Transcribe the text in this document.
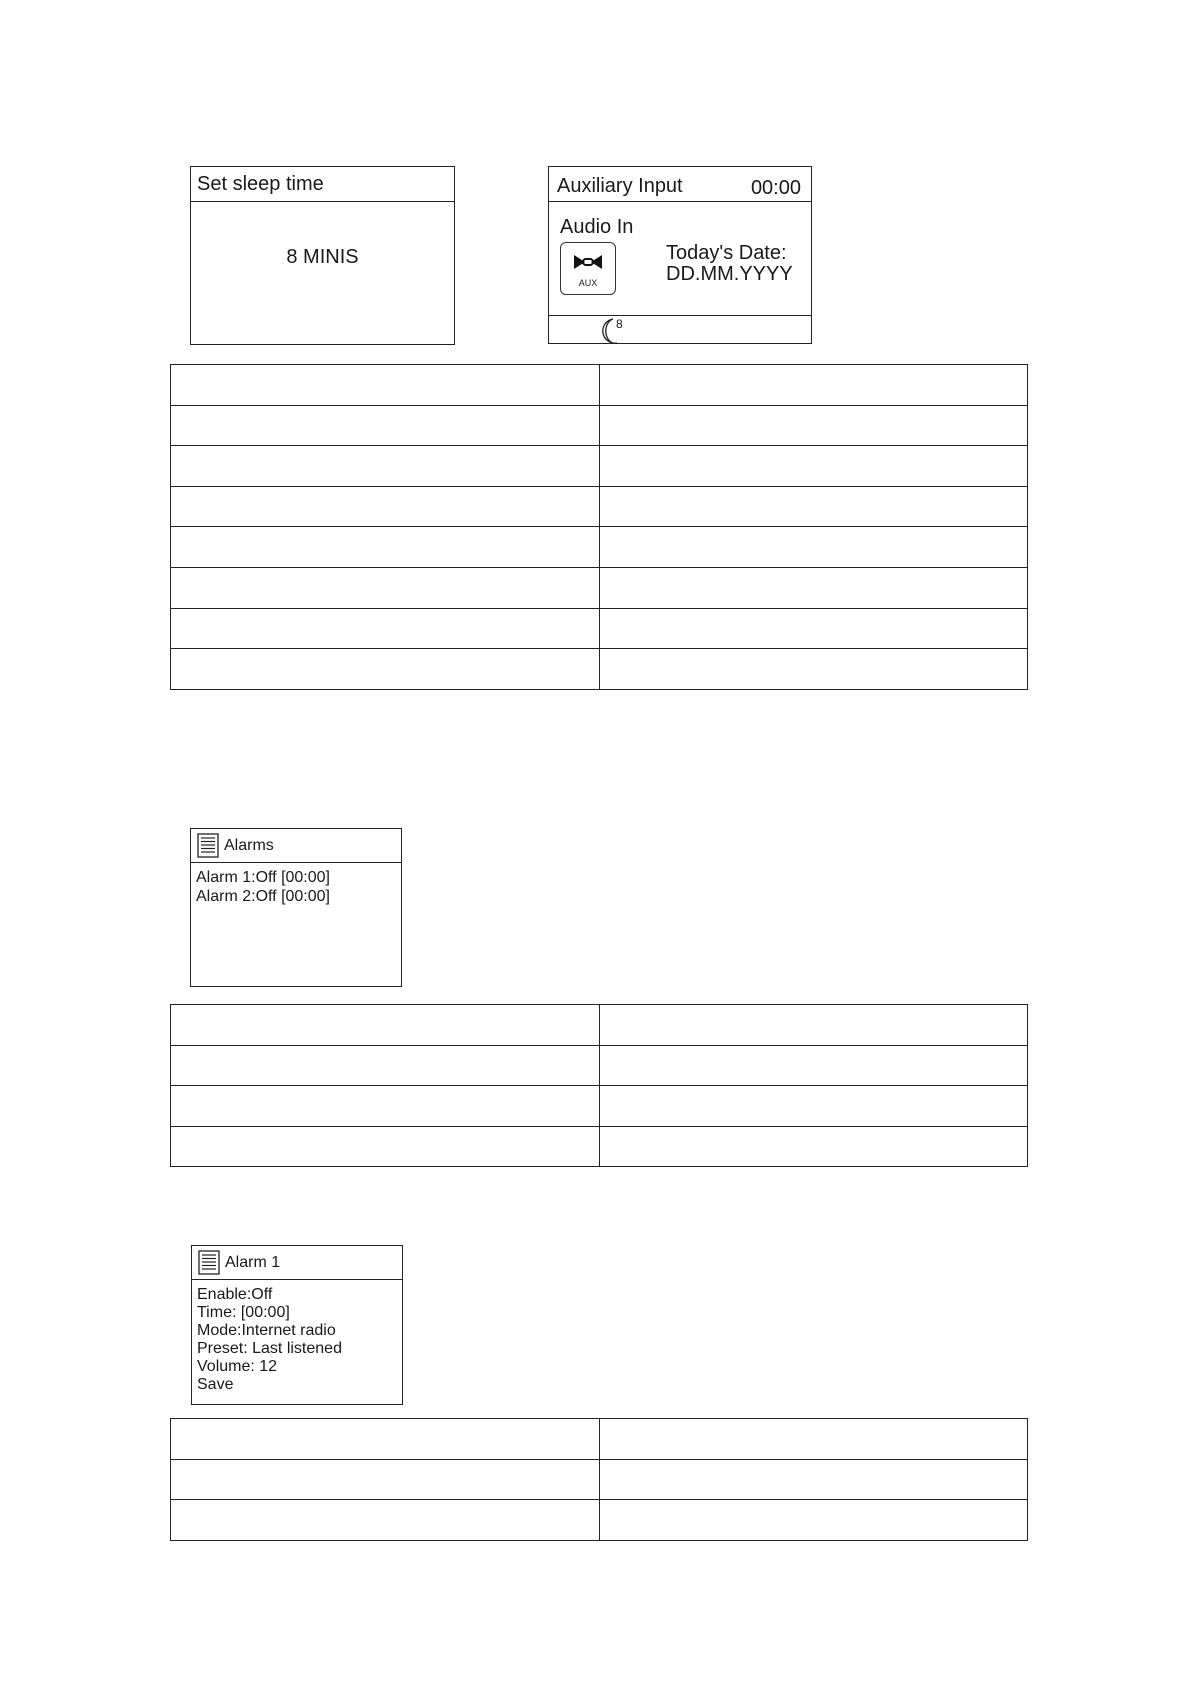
Set sleep time
8 MINIS
Auxiliary Input	00:00
Audio In
AUX
Today's Date:
DD.MM.YYYY
8

Alarms
Alarm 1:Off [00:00]
Alarm 2:Off [00:00]

Alarm 1
Enable:Off
Time: [00:00]
Mode:Internet radio
Preset: Last listened
Volume: 12
Save
